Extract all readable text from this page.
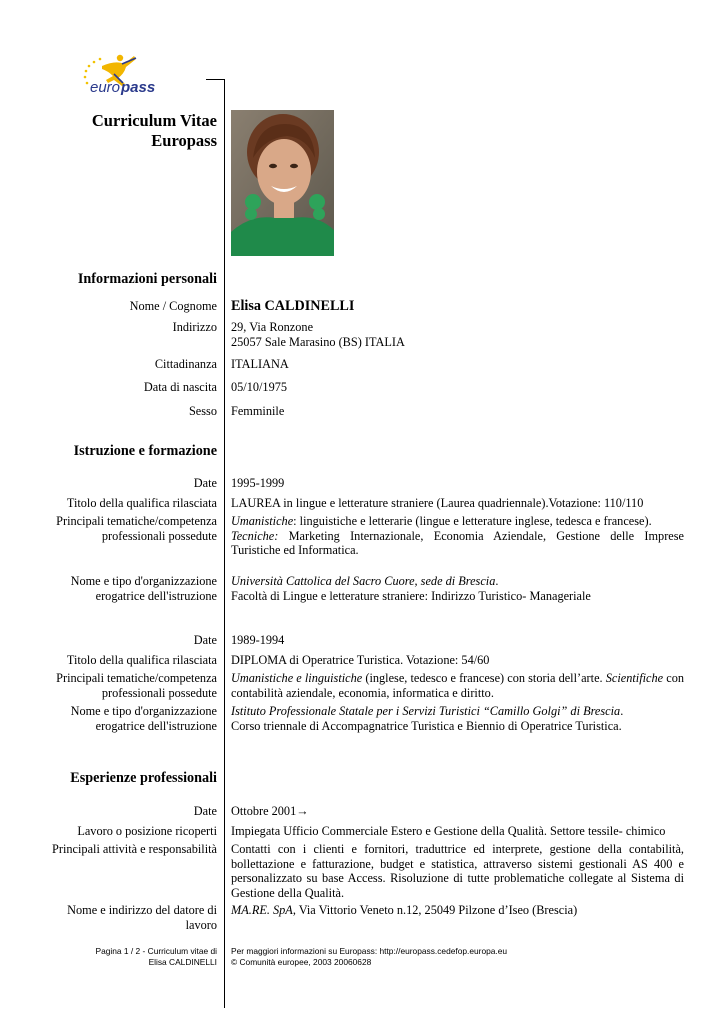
euro pass
Curriculum Vitae
Europass
Informazioni personali
Nome / Cognome Elisa CALDINELLI
Indirizzo 29, Via Ronzone
25057 Sale Marasino (BS) ITALIA
Cittadinanza ITALIANA
Data di nascita 05/10/1975
Sesso Femminile
Istruzione e formazione
Date 1995-1999
Titolo della qualifica rilasciata LAUREA in lingue e letterature straniere (Laurea quadriennale).Votazione: 110/110
Principali tematiche/competenza
professionali possedute
Umanistiche: linguistiche e letterarie (lingue e letterature inglese, tedesca e francese).
Tecniche: Marketing Internazionale, Economia Aziendale, Gestione delle Imprese Turistiche ed Informatica.
Nome e tipo d'organizzazione
erogatrice dell'istruzione
Università Cattolica del Sacro Cuore, sede di Brescia.
Facoltà di Lingue e letterature straniere: Indirizzo Turistico- Manageriale
Date 1989-1994
Titolo della qualifica rilasciata DIPLOMA di Operatrice Turistica. Votazione: 54/60
Principali tematiche/competenza
professionali possedute
Umanistiche e linguistiche (inglese, tedesco e francese) con storia dell’arte. Scientifiche con contabilità aziendale, economia, informatica e diritto.
Nome e tipo d'organizzazione
erogatrice dell'istruzione
Istituto Professionale Statale per i Servizi Turistici “Camillo Golgi” di Brescia.
Corso triennale di Accompagnatrice Turistica e Biennio di Operatrice Turistica.
Esperienze professionali
Date Ottobre 2001→
Lavoro o posizione ricoperti Impiegata Ufficio Commerciale Estero e Gestione della Qualità. Settore tessile- chimico
Principali attività e responsabilità Contatti con i clienti e fornitori, traduttrice ed interprete, gestione della contabilità, bollettazione e fatturazione, budget e statistica, attraverso sistemi gestionali AS 400 e personalizzato su base Access. Risoluzione di tutte problematiche collegate al Sistema di Gestione della Qualità.
Nome e indirizzo del datore di
lavoro
MA.RE. SpA, Via Vittorio Veneto n.12, 25049 Pilzone d’Iseo (Brescia)
Pagina 1 / 2 - Curriculum vitae di
Elisa CALDINELLI
Per maggiori informazioni su Europass: http://europass.cedefop.europa.eu
© Comunità europee, 2003 20060628
